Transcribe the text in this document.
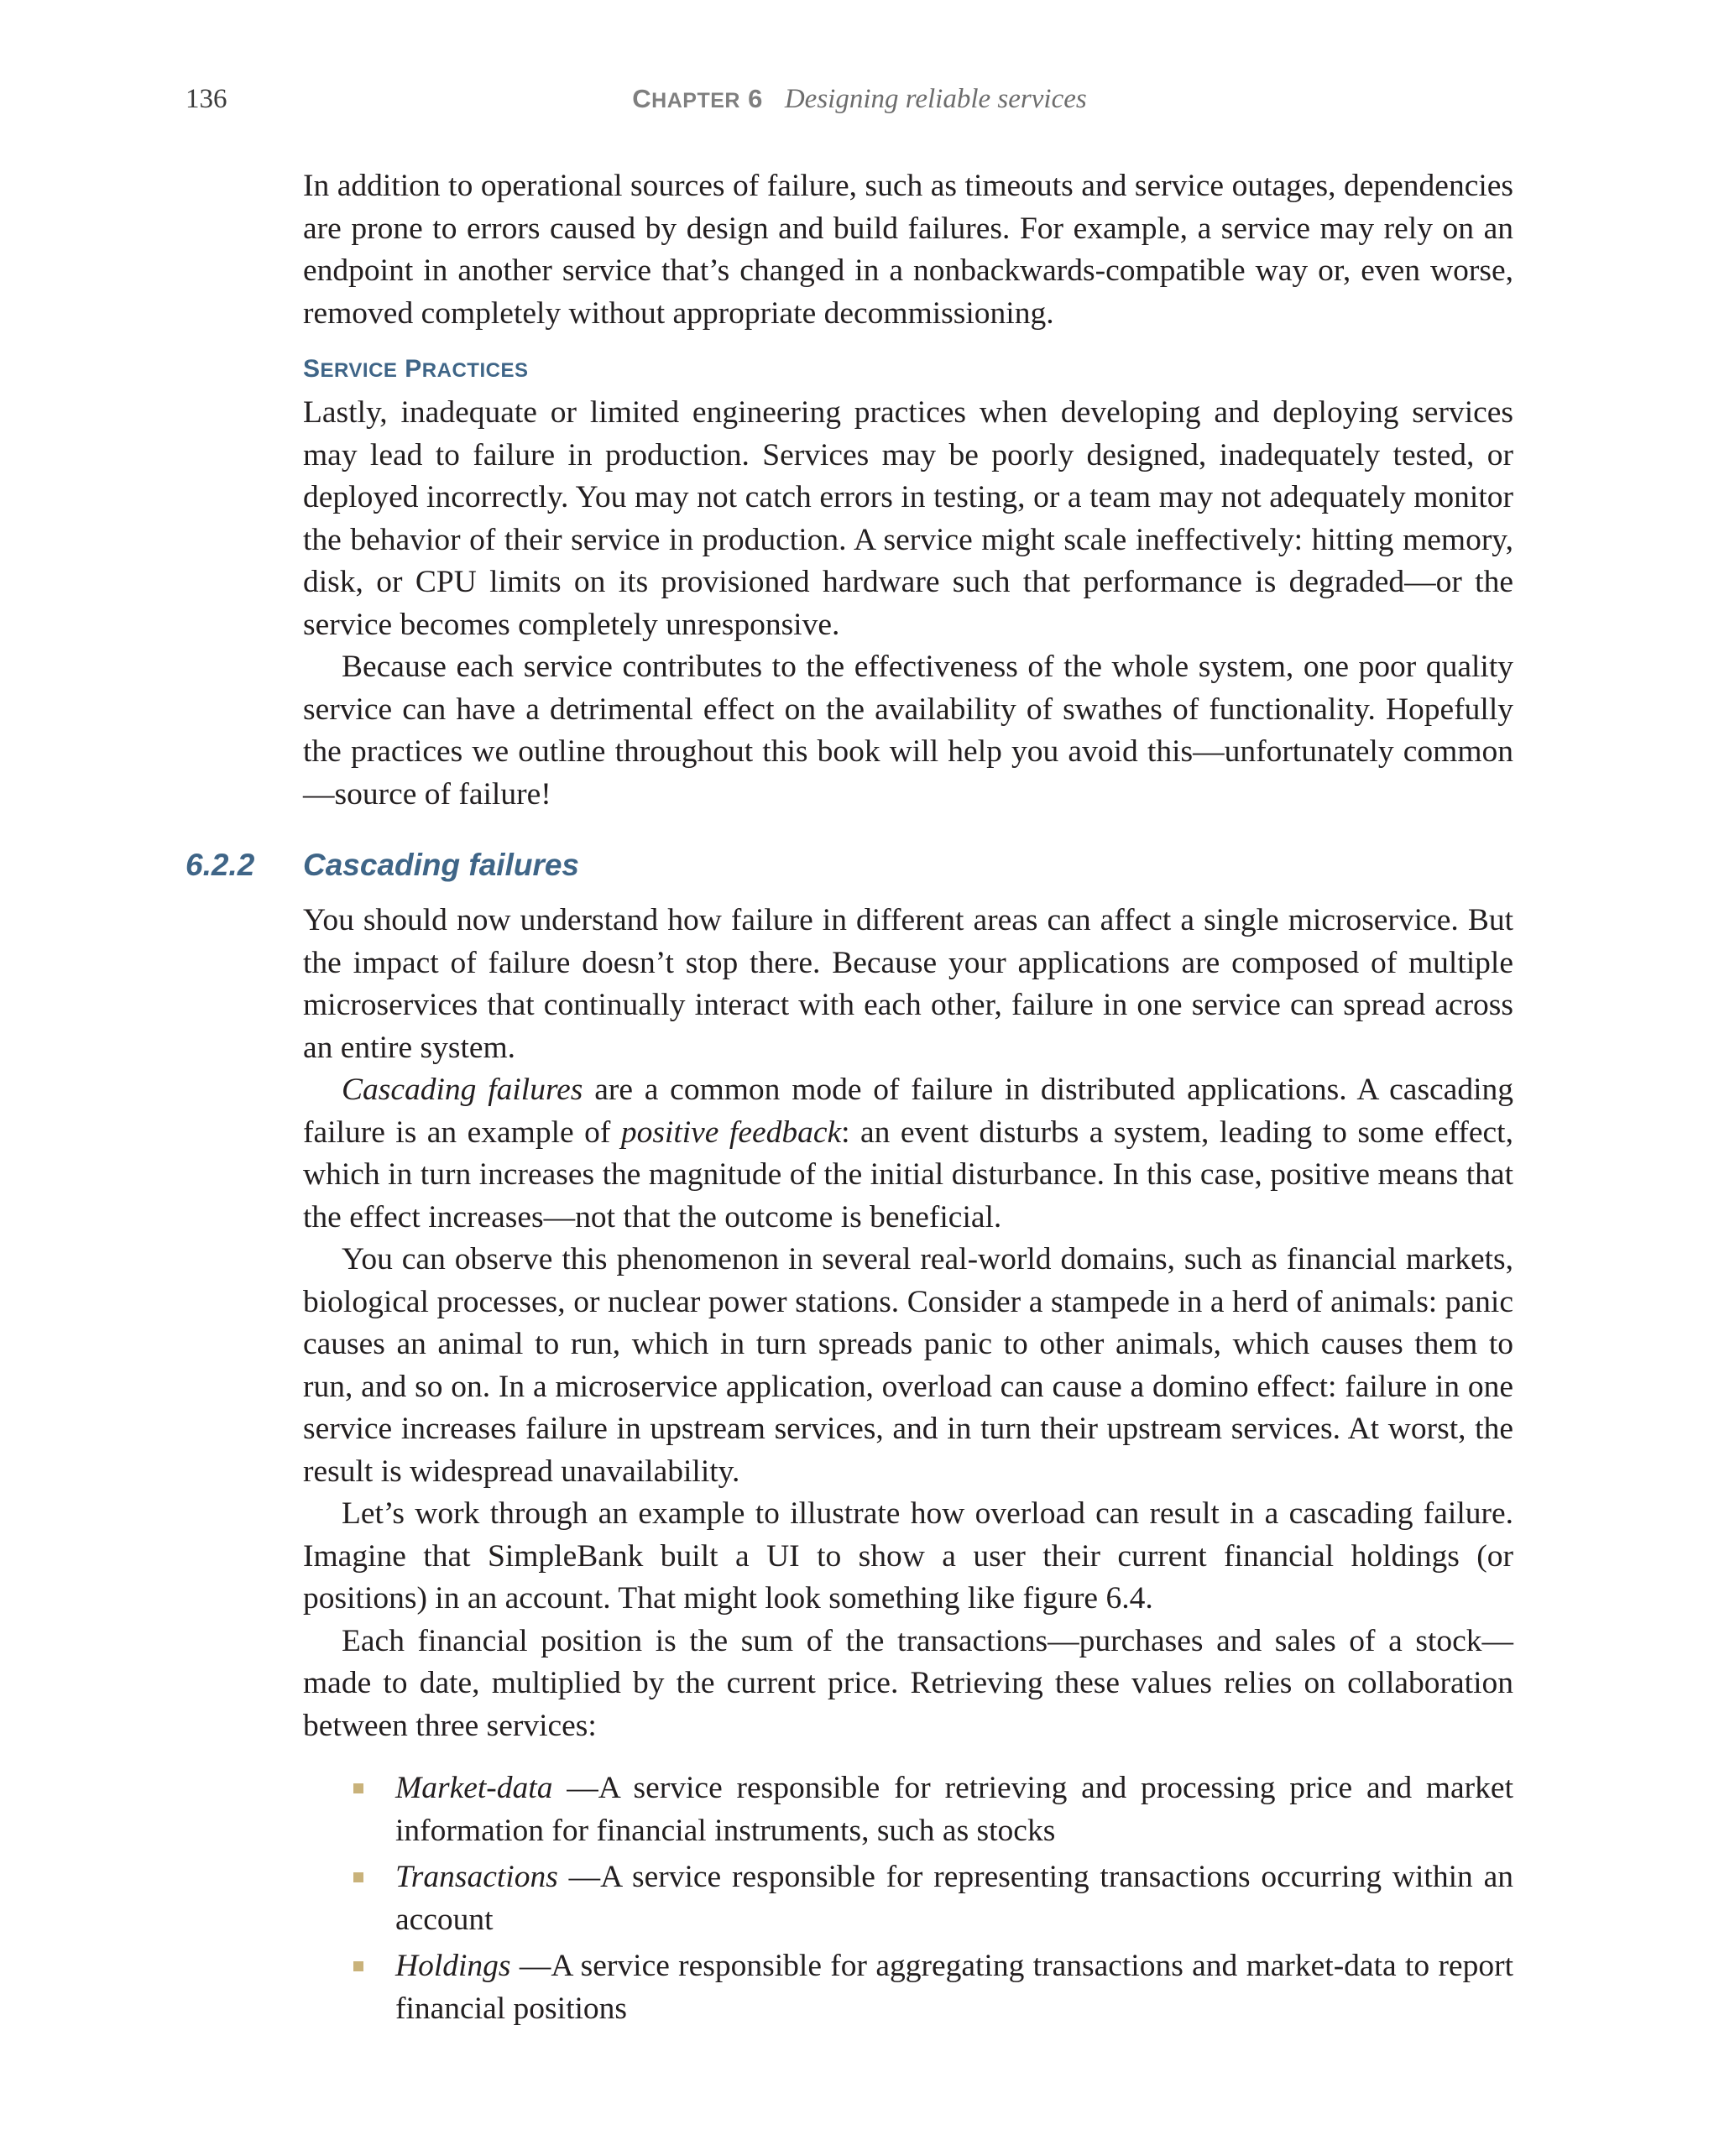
136	CHAPTER 6 Designing reliable services

In addition to operational sources of failure, such as timeouts and service outages, dependencies are prone to errors caused by design and build failures. For example, a service may rely on an endpoint in another service that’s changed in a nonbackwards-compatible way or, even worse, removed completely without appropriate decommissioning.

SERVICE PRACTICES

Lastly, inadequate or limited engineering practices when developing and deploying services may lead to failure in production. Services may be poorly designed, inadequately tested, or deployed incorrectly. You may not catch errors in testing, or a team may not adequately monitor the behavior of their service in production. A service might scale ineffectively: hitting memory, disk, or CPU limits on its provisioned hardware such that performance is degraded—or the service becomes completely unresponsive.

Because each service contributes to the effectiveness of the whole system, one poor quality service can have a detrimental effect on the availability of swathes of functionality. Hopefully the practices we outline throughout this book will help you avoid this—unfortunately common—source of failure!

6.2.2 Cascading failures

You should now understand how failure in different areas can affect a single microservice. But the impact of failure doesn’t stop there. Because your applications are composed of multiple microservices that continually interact with each other, failure in one service can spread across an entire system.

Cascading failures are a common mode of failure in distributed applications. A cascading failure is an example of positive feedback: an event disturbs a system, leading to some effect, which in turn increases the magnitude of the initial disturbance. In this case, positive means that the effect increases—not that the outcome is beneficial.

You can observe this phenomenon in several real-world domains, such as financial markets, biological processes, or nuclear power stations. Consider a stampede in a herd of animals: panic causes an animal to run, which in turn spreads panic to other animals, which causes them to run, and so on. In a microservice application, overload can cause a domino effect: failure in one service increases failure in upstream services, and in turn their upstream services. At worst, the result is widespread unavailability.

Let’s work through an example to illustrate how overload can result in a cascading failure. Imagine that SimpleBank built a UI to show a user their current financial holdings (or positions) in an account. That might look something like figure 6.4.

Each financial position is the sum of the transactions—purchases and sales of a stock—made to date, multiplied by the current price. Retrieving these values relies on collaboration between three services:

Market-data —A service responsible for retrieving and processing price and market information for financial instruments, such as stocks

Transactions —A service responsible for representing transactions occurring within an account

Holdings —A service responsible for aggregating transactions and market-data to report financial positions
